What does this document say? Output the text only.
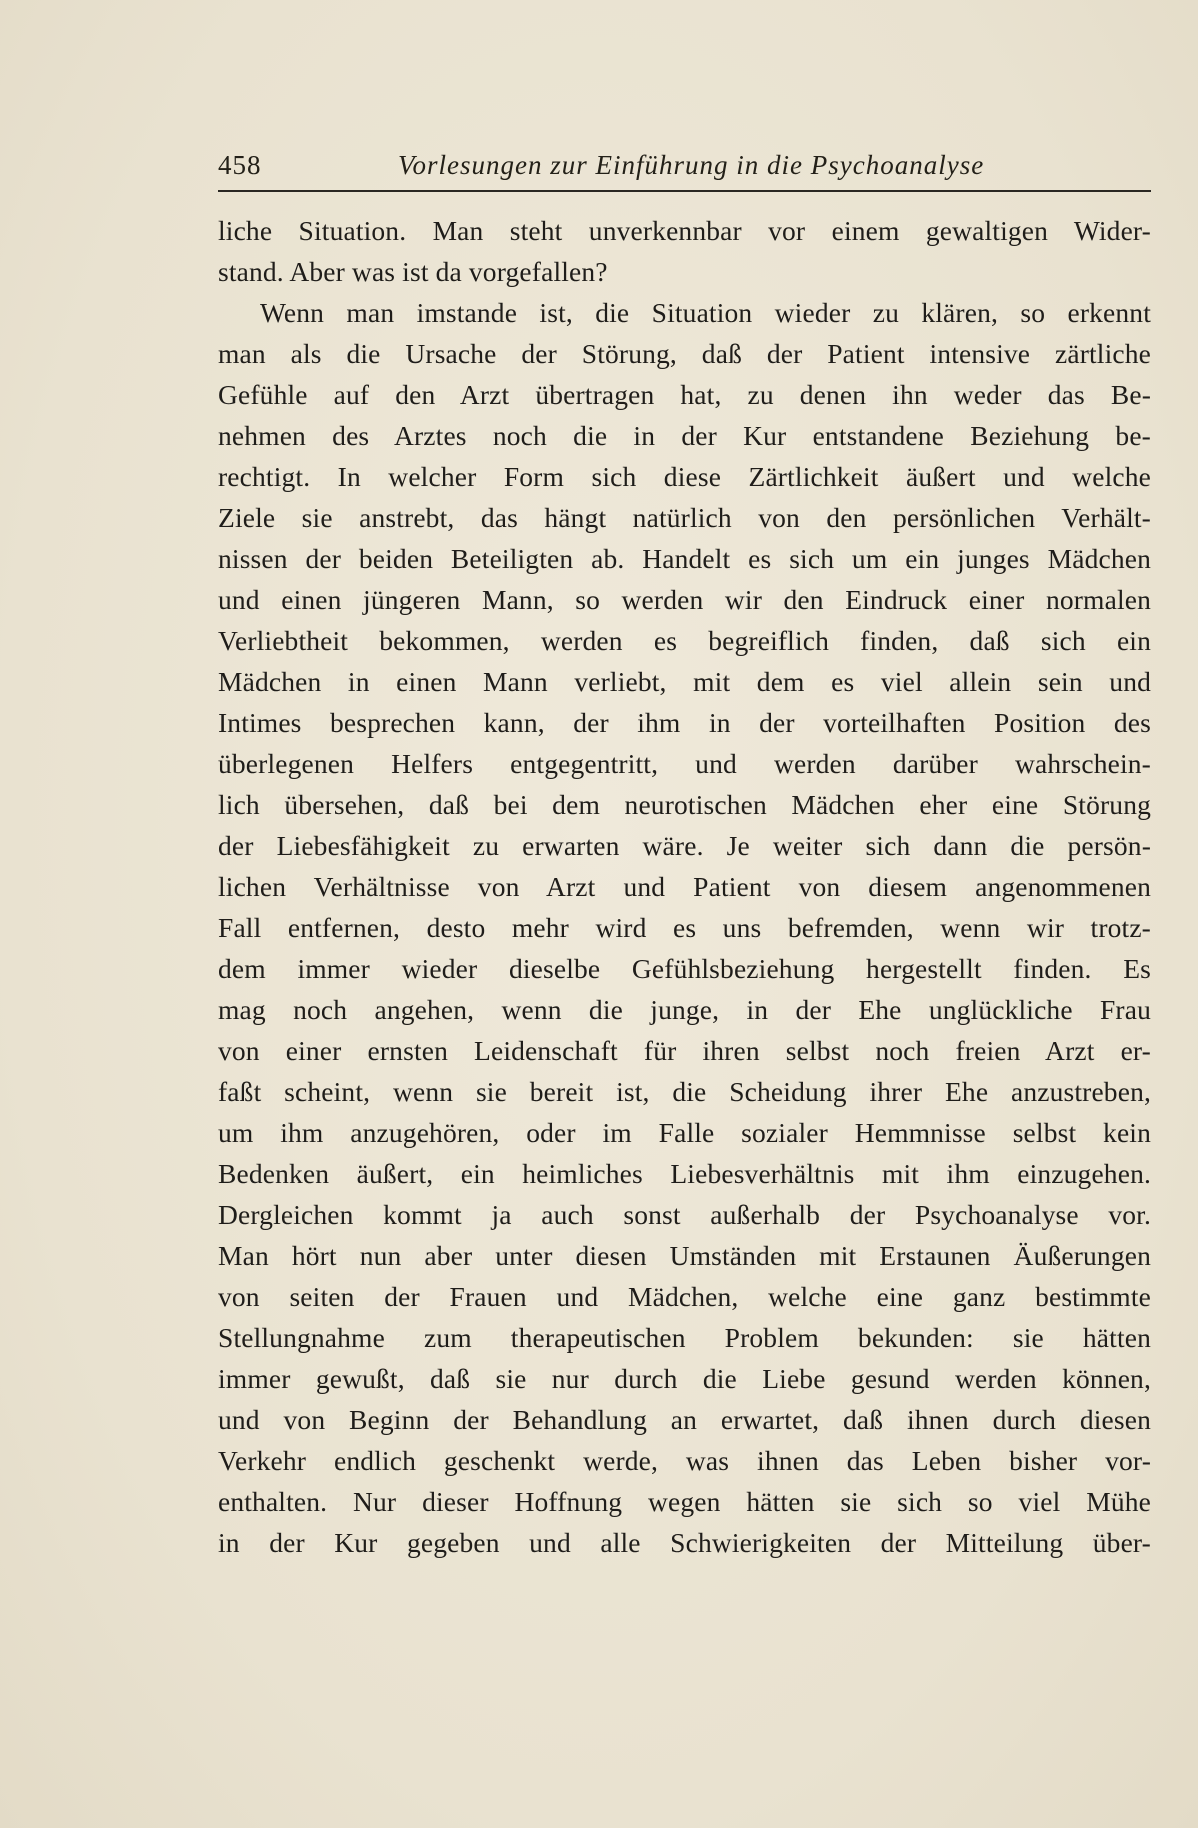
458	Vorlesungen zur Einführung in die Psychoanalyse
liche Situation. Man steht unverkennbar vor einem gewaltigen Wider-
stand. Aber was ist da vorgefallen?
Wenn man imstande ist, die Situation wieder zu klären, so erkennt
man als die Ursache der Störung, daß der Patient intensive zärtliche
Gefühle auf den Arzt übertragen hat, zu denen ihn weder das Be-
nehmen des Arztes noch die in der Kur entstandene Beziehung be-
rechtigt. In welcher Form sich diese Zärtlichkeit äußert und welche
Ziele sie anstrebt, das hängt natürlich von den persönlichen Verhält-
nissen der beiden Beteiligten ab. Handelt es sich um ein junges Mädchen
und einen jüngeren Mann, so werden wir den Eindruck einer normalen
Verliebtheit bekommen, werden es begreiflich finden, daß sich ein
Mädchen in einen Mann verliebt, mit dem es viel allein sein und
Intimes besprechen kann, der ihm in der vorteilhaften Position des
überlegenen Helfers entgegentritt, und werden darüber wahrschein-
lich übersehen, daß bei dem neurotischen Mädchen eher eine Störung
der Liebesfähigkeit zu erwarten wäre. Je weiter sich dann die persön-
lichen Verhältnisse von Arzt und Patient von diesem angenommenen
Fall entfernen, desto mehr wird es uns befremden, wenn wir trotz-
dem immer wieder dieselbe Gefühlsbeziehung hergestellt finden. Es
mag noch angehen, wenn die junge, in der Ehe unglückliche Frau
von einer ernsten Leidenschaft für ihren selbst noch freien Arzt er-
faßt scheint, wenn sie bereit ist, die Scheidung ihrer Ehe anzustreben,
um ihm anzugehören, oder im Falle sozialer Hemmnisse selbst kein
Bedenken äußert, ein heimliches Liebesverhältnis mit ihm einzugehen.
Dergleichen kommt ja auch sonst außerhalb der Psychoanalyse vor.
Man hört nun aber unter diesen Umständen mit Erstaunen Äußerungen
von seiten der Frauen und Mädchen, welche eine ganz bestimmte
Stellungnahme zum therapeutischen Problem bekunden: sie hätten
immer gewußt, daß sie nur durch die Liebe gesund werden können,
und von Beginn der Behandlung an erwartet, daß ihnen durch diesen
Verkehr endlich geschenkt werde, was ihnen das Leben bisher vor-
enthalten. Nur dieser Hoffnung wegen hätten sie sich so viel Mühe
in der Kur gegeben und alle Schwierigkeiten der Mitteilung über-
